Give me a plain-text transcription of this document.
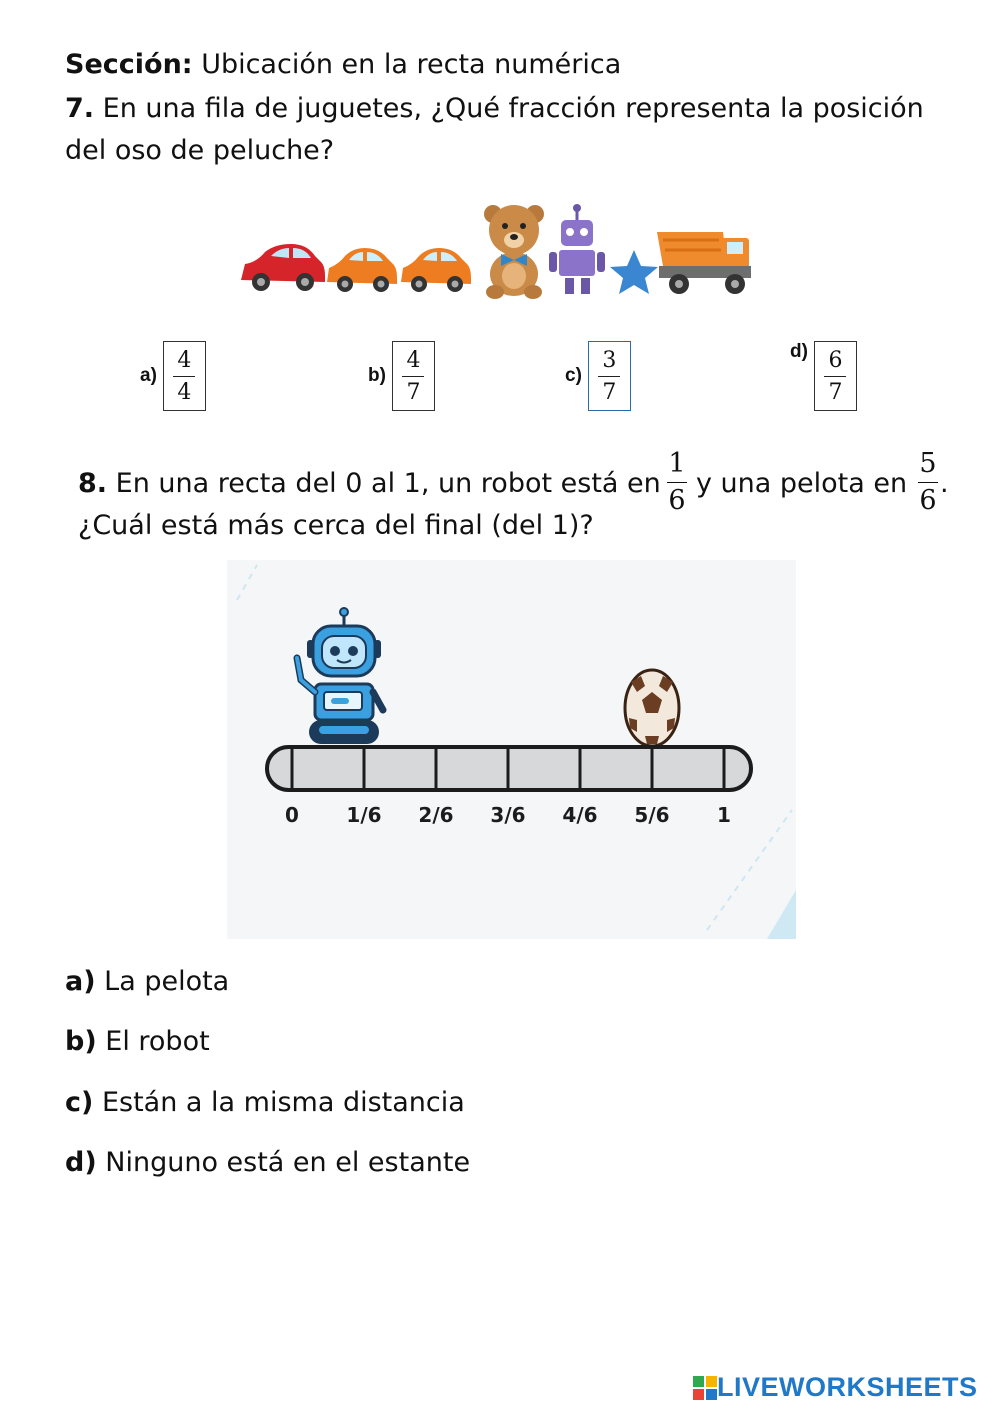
Sección: Ubicación en la recta numérica
7. En una fila de juguetes, ¿Qué fracción representa la posición del oso de peluche?
a)
4
4
b)
4
7
c)
3
7
d) 6
7
8. En una recta del 0 al 1, un robot está en
1
6
y una pelota en
5
6
.
¿Cuál está más cerca del final (del 1)?
0 1/6 2/6 3/6 4/6 5/6 1
a) La pelota
b) El robot
c) Están a la misma distancia
d) Ninguno está en el estante
LIVEWORKSHEETS
